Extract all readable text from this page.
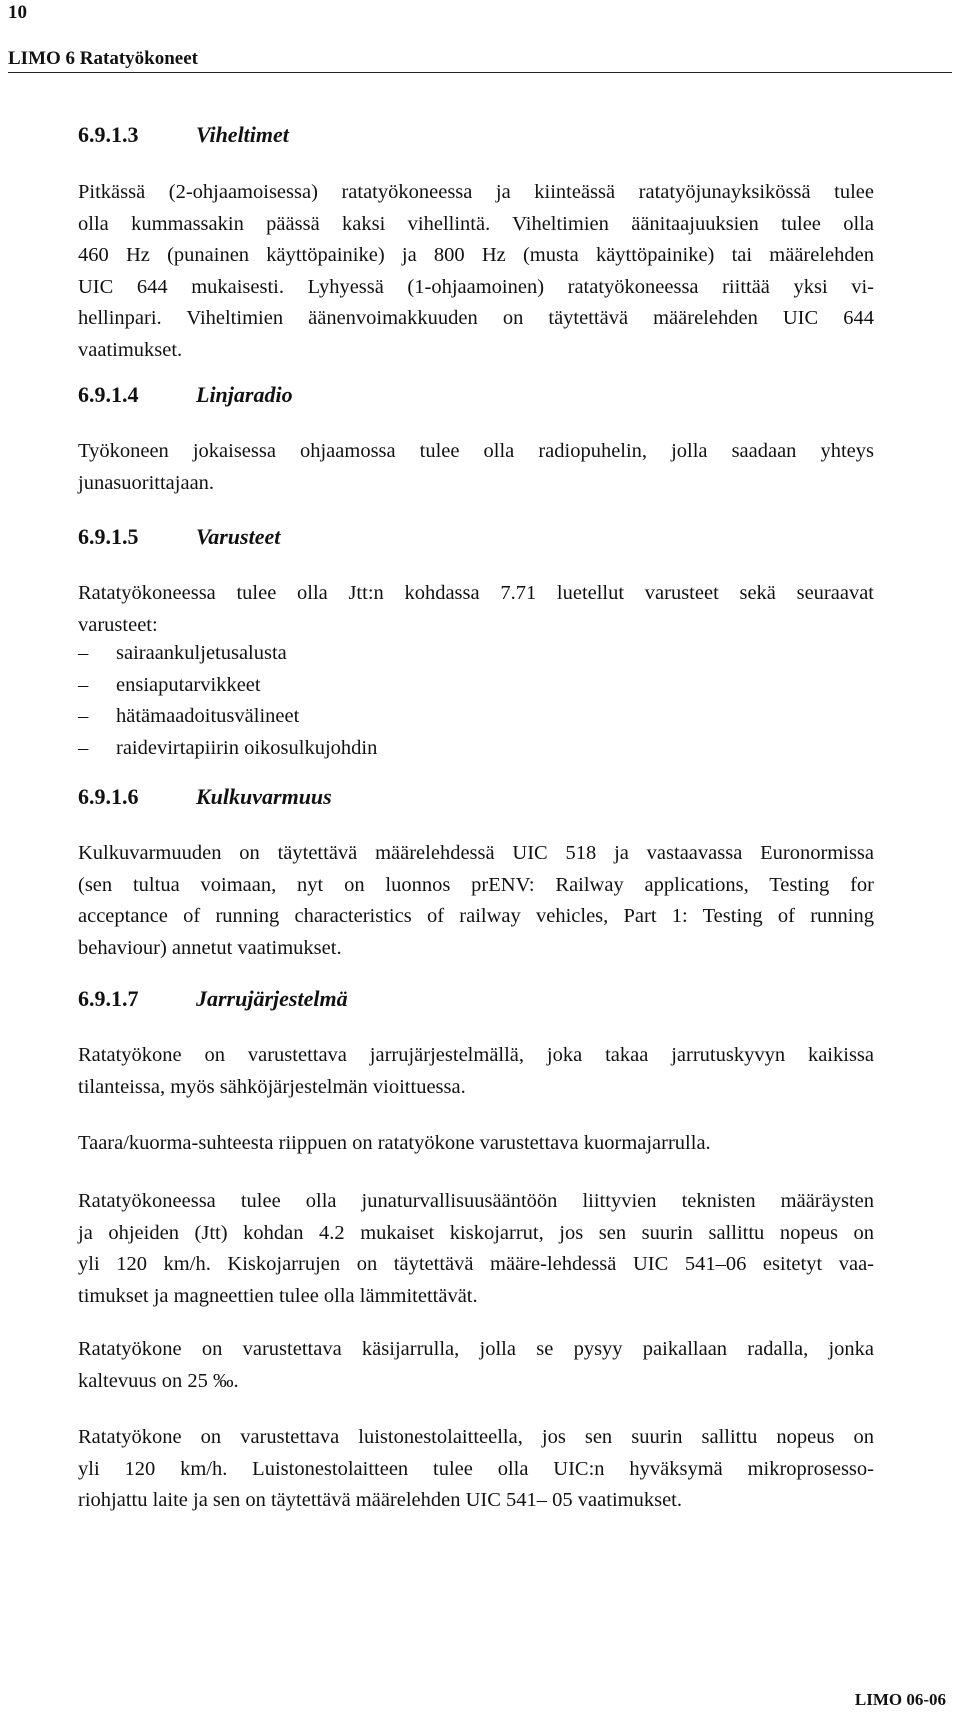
10
LIMO 6 Ratatyökoneet
6.9.1.3	Viheltimet
Pitkässä (2-ohjaamoisessa) ratatyökoneessa ja kiinteässä ratatyöjunayksikössä tulee
olla kummassakin päässä kaksi vihellintä. Viheltimien äänitaajuuksien tulee olla
460 Hz (punainen käyttöpainike) ja 800 Hz (musta käyttöpainike) tai määrelehden
UIC 644 mukaisesti. Lyhyessä (1-ohjaamoinen) ratatyökoneessa riittää yksi vi-
hellinpari. Viheltimien äänenvoimakkuuden on täytettävä määrelehden UIC 644
vaatimukset.
6.9.1.4	Linjaradio
Työkoneen jokaisessa ohjaamossa tulee olla radiopuhelin, jolla saadaan yhteys
junasuorittajaan.
6.9.1.5	Varusteet
Ratatyökoneessa tulee olla Jtt:n kohdassa 7.71 luetellut varusteet sekä seuraavat
varusteet:
– sairaankuljetusalusta
– ensiaputarvikkeet
– hätämaadoitusvälineet
– raidevirtapiirin oikosulkujohdin
6.9.1.6	Kulkuvarmuus
Kulkuvarmuuden on täytettävä määrelehdessä UIC 518 ja vastaavassa Euronormissa
(sen tultua voimaan, nyt on luonnos prENV: Railway applications, Testing for
acceptance of running characteristics of railway vehicles, Part 1: Testing of running
behaviour) annetut vaatimukset.
6.9.1.7	Jarrujärjestelmä
Ratatyökone on varustettava jarrujärjestelmällä, joka takaa jarrutuskyvyn kaikissa
tilanteissa, myös sähköjärjestelmän vioittuessa.
Taara/kuorma-suhteesta riippuen on ratatyökone varustettava kuormajarrulla.
Ratatyökoneessa tulee olla junaturvallisuusääntöön liittyvien teknisten määräysten
ja ohjeiden (Jtt) kohdan 4.2 mukaiset kiskojarrut, jos sen suurin sallittu nopeus on
yli 120 km/h. Kiskojarrujen on täytettävä määre-lehdessä UIC 541–06 esitetyt vaa-
timukset ja magneettien tulee olla lämmitettävät.
Ratatyökone on varustettava käsijarrulla, jolla se pysyy paikallaan radalla, jonka
kaltevuus on 25 ‰.
Ratatyökone on varustettava luistonestolaitteella, jos sen suurin sallittu nopeus on
yli 120 km/h. Luistonestolaitteen tulee olla UIC:n hyväksymä mikroprosesso-
riohjattu laite ja sen on täytettävä määrelehden UIC 541– 05 vaatimukset.
LIMO 06-06
